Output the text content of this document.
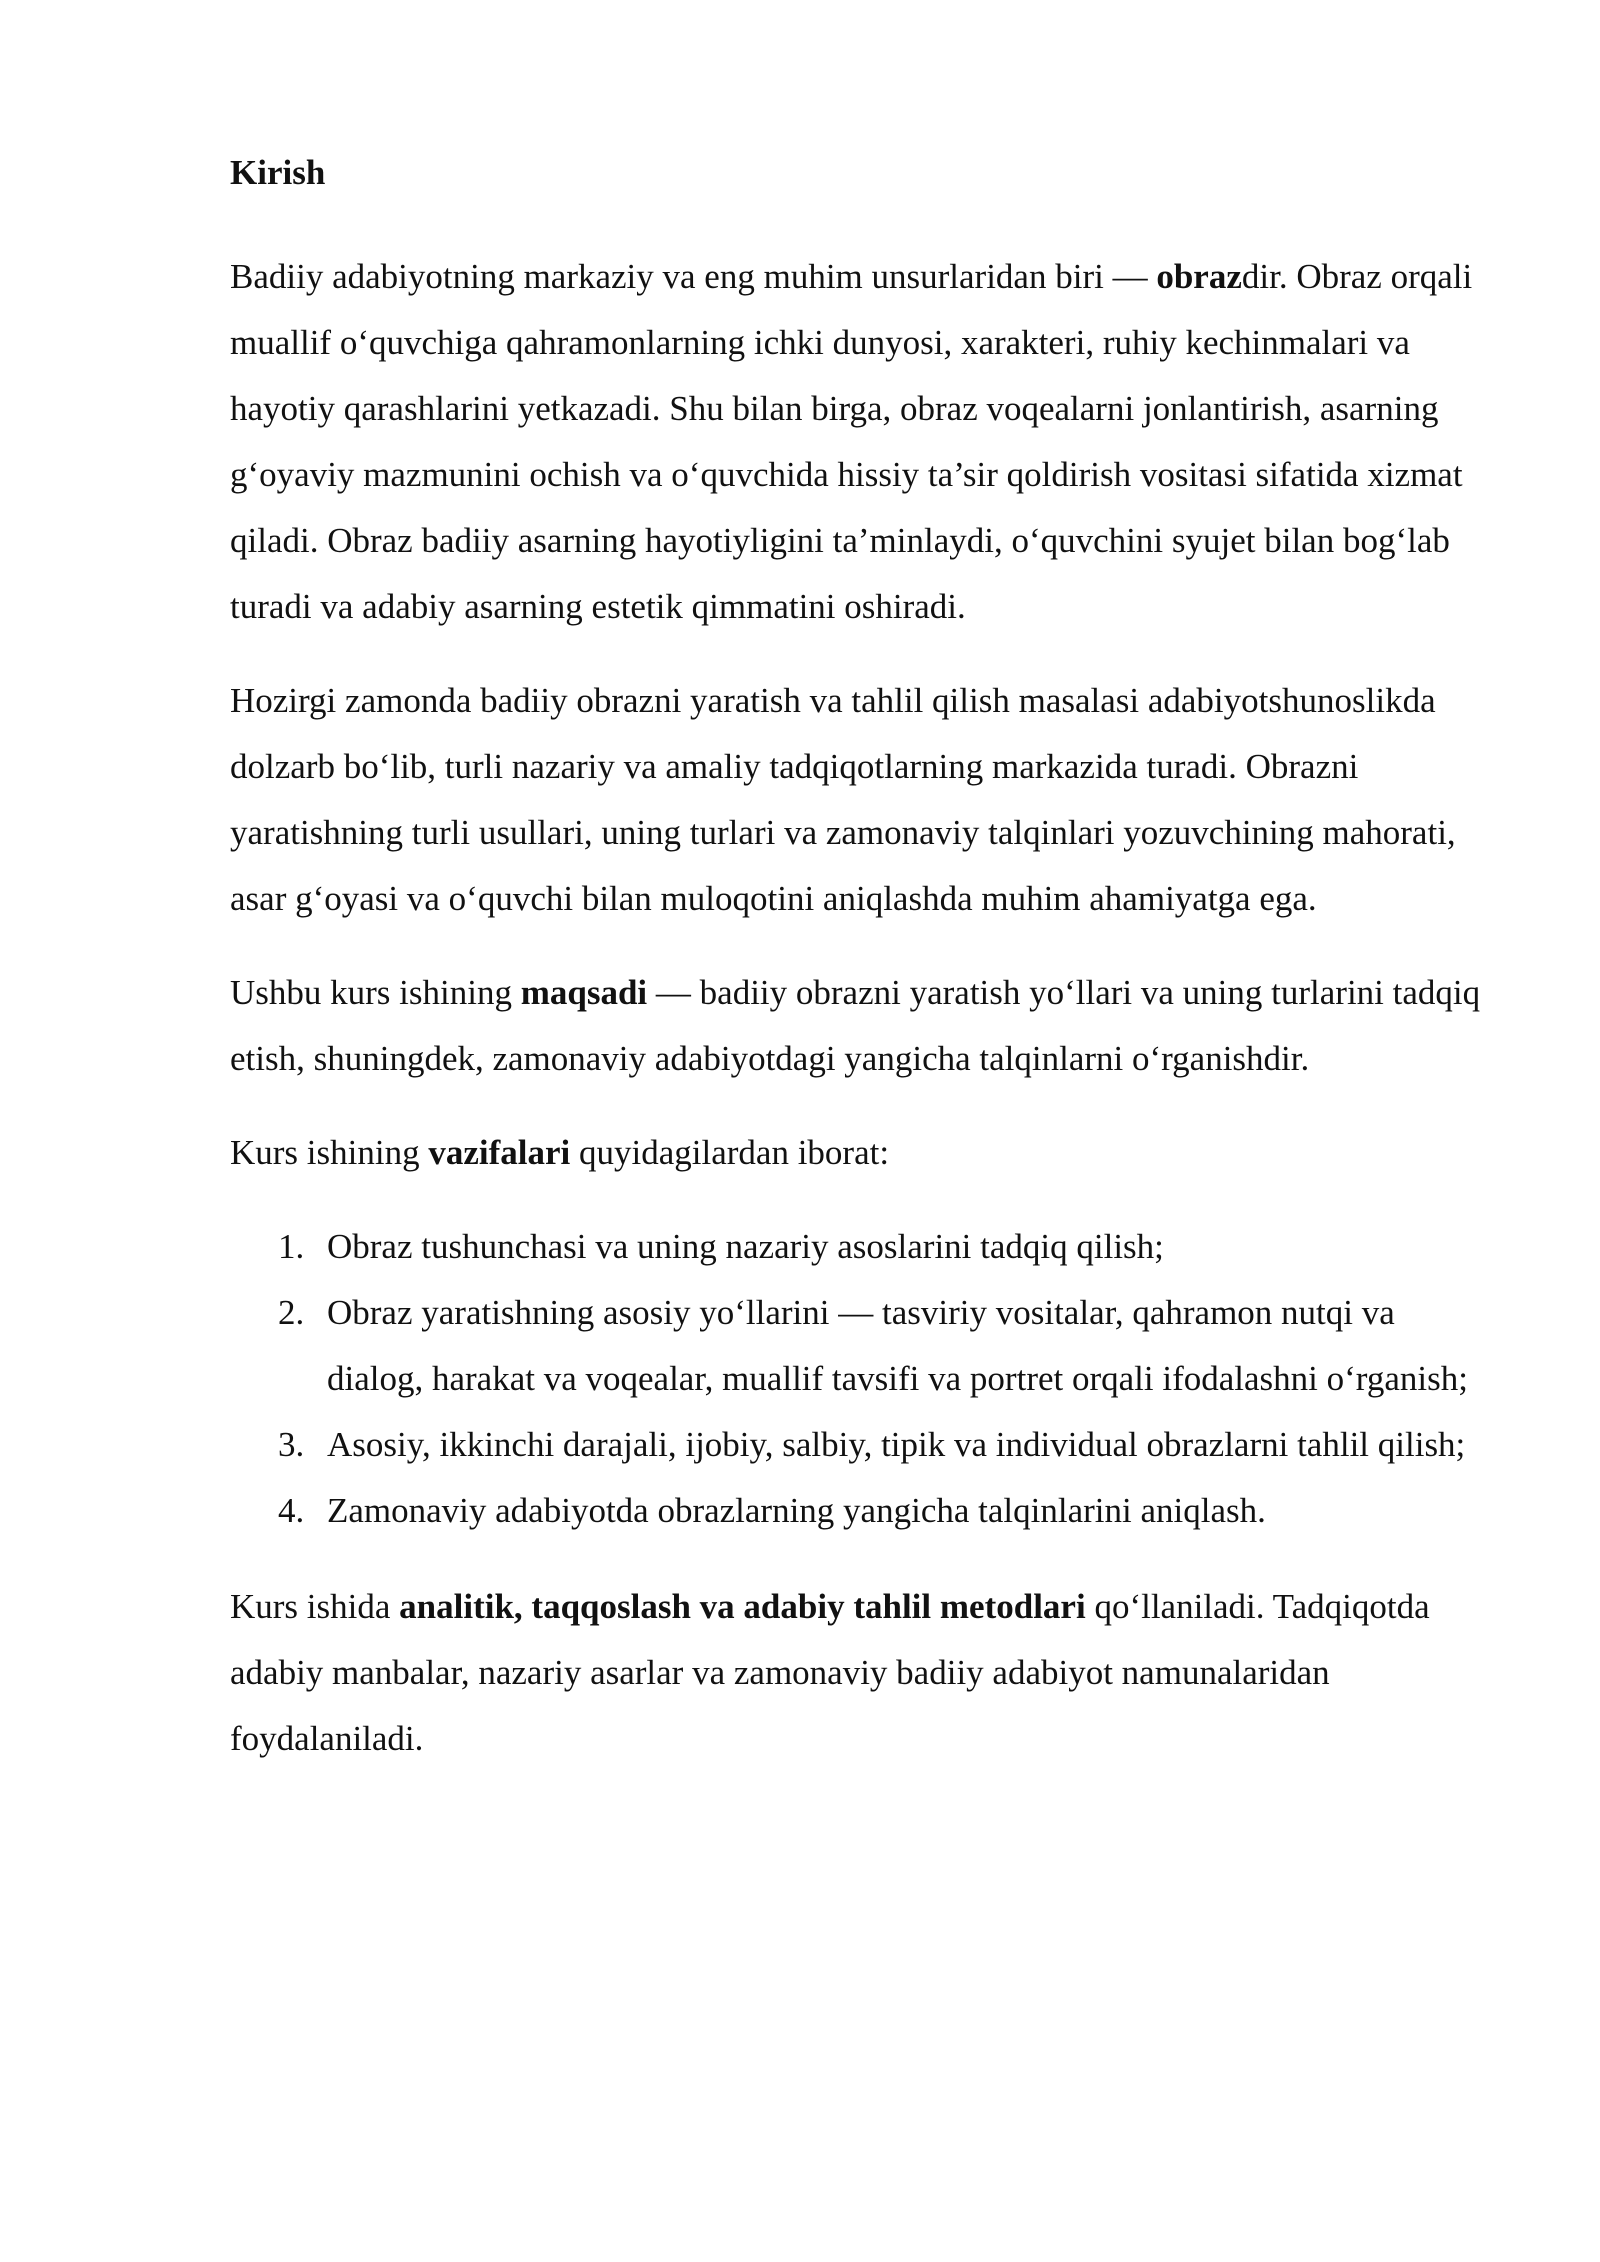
Kirish

Badiiy adabiyotning markaziy va eng muhim unsurlaridan biri — obrazdir. Obraz orqali muallif o‘quvchiga qahramonlarning ichki dunyosi, xarakteri, ruhiy kechinmalari va hayotiy qarashlarini yetkazadi. Shu bilan birga, obraz voqealarni jonlantirish, asarning g‘oyaviy mazmunini ochish va o‘quvchida hissiy ta’sir qoldirish vositasi sifatida xizmat qiladi. Obraz badiiy asarning hayotiyligini ta’minlaydi, o‘quvchini syujet bilan bog‘lab turadi va adabiy asarning estetik qimmatini oshiradi.

Hozirgi zamonda badiiy obrazni yaratish va tahlil qilish masalasi adabiyotshunoslikda dolzarb bo‘lib, turli nazariy va amaliy tadqiqotlarning markazida turadi. Obrazni yaratishning turli usullari, uning turlari va zamonaviy talqinlari yozuvchining mahorati, asar g‘oyasi va o‘quvchi bilan muloqotini aniqlashda muhim ahamiyatga ega.

Ushbu kurs ishining maqsadi — badiiy obrazni yaratish yo‘llari va uning turlarini tadqiq etish, shuningdek, zamonaviy adabiyotdagi yangicha talqinlarni o‘rganishdir.

Kurs ishining vazifalari quyidagilardan iborat:

1. Obraz tushunchasi va uning nazariy asoslarini tadqiq qilish;
2. Obraz yaratishning asosiy yo‘llarini — tasviriy vositalar, qahramon nutqi va dialog, harakat va voqealar, muallif tavsifi va portret orqali ifodalashni o‘rganish;
3. Asosiy, ikkinchi darajali, ijobiy, salbiy, tipik va individual obrazlarni tahlil qilish;
4. Zamonaviy adabiyotda obrazlarning yangicha talqinlarini aniqlash.

Kurs ishida analitik, taqqoslash va adabiy tahlil metodlari qo‘llaniladi. Tadqiqotda adabiy manbalar, nazariy asarlar va zamonaviy badiiy adabiyot namunalaridan foydalaniladi.
